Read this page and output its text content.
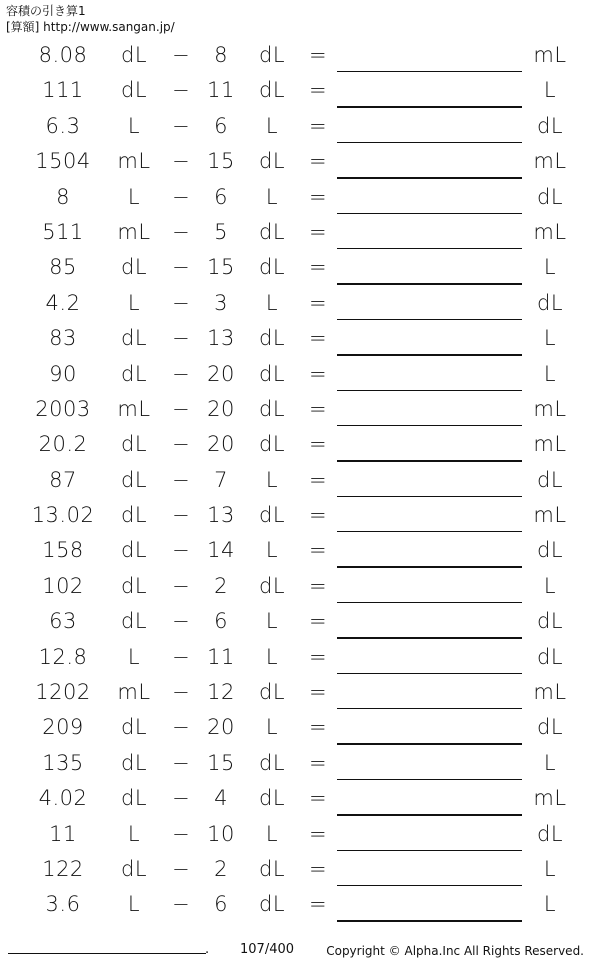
容積の引き算1
[算額] http://www.sangan.jp/
8.08	dL	−	8	dL	=	mL
111	dL	− 11	dL	=	L
6.3	L	−	6	L	=	dL
1504	mL	− 15	dL	=	mL
8	L	−	6	L	=	dL
511	mL	−	5	dL	=	mL
85	dL	− 15	dL	=	L
4.2	L	−	3	L	=	dL
83	dL	− 13	dL	=	L
90	dL	− 20	dL	=	L
2003	mL	− 20	dL	=	mL
20.2	dL	− 20	dL	=	mL
87	dL	−	7	L	=	dL
13.02	dL	− 13	dL	=	mL
158	dL	− 14	L	=	dL
102	dL	−	2	dL	=	L
63	dL	−	6	L	=	dL
12.8	L	− 11	L	=	dL
1202	mL	− 12	dL	=	mL
209	dL	− 20	L	=	dL
135	dL	− 15	dL	=	L
4.02	dL	−	4	dL	=	mL
11	L	− 10	L	=	dL
122	dL	−	2	dL	=	L
3.6	L	−	6	dL	=	L
. 107/400	Copyright © Alpha.Inc All Rights Reserved.
